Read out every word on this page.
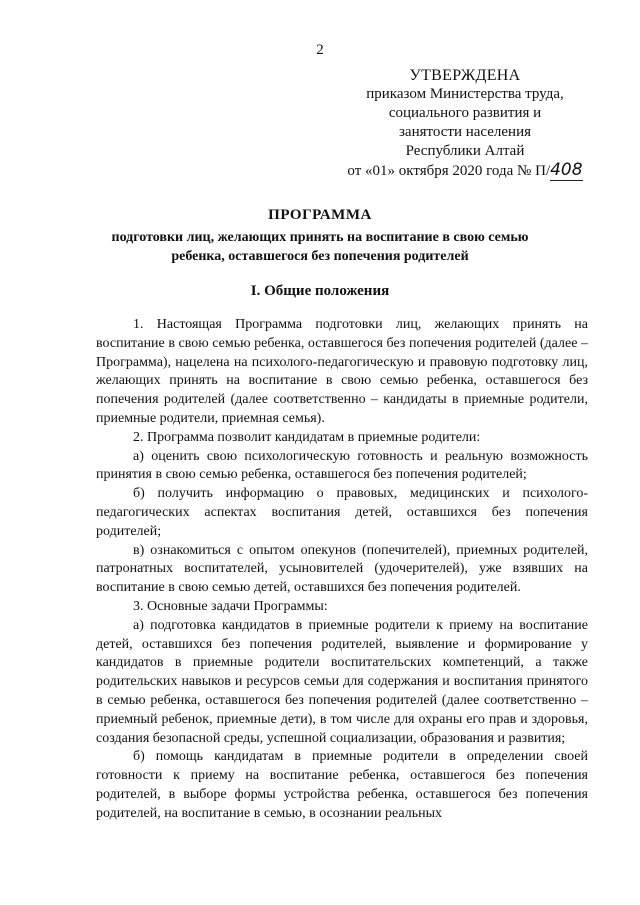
2
УТВЕРЖДЕНА
приказом Министерства труда,
социального развития и
занятости населения
Республики Алтай
от «01» октября 2020 года № П/408
ПРОГРАММА
подготовки лиц, желающих принять на воспитание в свою семью ребенка, оставшегося без попечения родителей
I. Общие положения

1. Настоящая Программа подготовки лиц, желающих принять на воспитание в свою семью ребенка, оставшегося без попечения родителей (далее – Программа), нацелена на психолого-педагогическую и правовую подготовку лиц, желающих принять на воспитание в свою семью ребенка, оставшегося без попечения родителей (далее соответственно – кандидаты в приемные родители, приемные родители, приемная семья).

2. Программа позволит кандидатам в приемные родители:

а) оценить свою психологическую готовность и реальную возможность принятия в свою семью ребенка, оставшегося без попечения родителей;

б) получить информацию о правовых, медицинских и психолого-педагогических аспектах воспитания детей, оставшихся без попечения родителей;

в) ознакомиться с опытом опекунов (попечителей), приемных родителей, патронатных воспитателей, усыновителей (удочерителей), уже взявших на воспитание в свою семью детей, оставшихся без попечения родителей.

3. Основные задачи Программы:

а) подготовка кандидатов в приемные родители к приему на воспитание детей, оставшихся без попечения родителей, выявление и формирование у кандидатов в приемные родители воспитательских компетенций, а также родительских навыков и ресурсов семьи для содержания и воспитания принятого в семью ребенка, оставшегося без попечения родителей (далее соответственно – приемный ребенок, приемные дети), в том числе для охраны его прав и здоровья, создания безопасной среды, успешной социализации, образования и развития;

б) помощь кандидатам в приемные родители в определении своей готовности к приему на воспитание ребенка, оставшегося без попечения родителей, в выборе формы устройства ребенка, оставшегося без попечения родителей, на воспитание в семью, в осознании реальных
